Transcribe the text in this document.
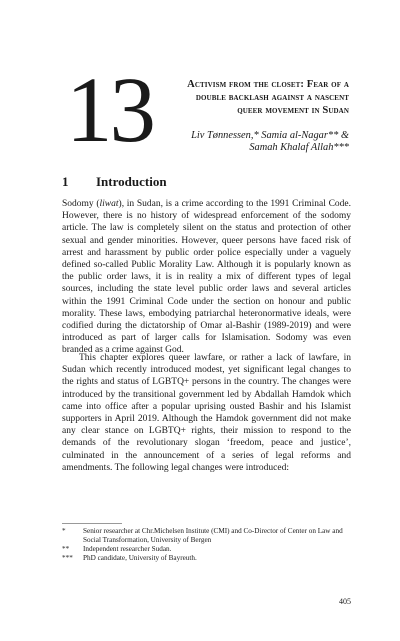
13	Activism from the closet: Fear of a double backlash against a nascent queer movement in Sudan
Liv Tønnessen,* Samia al-Nagar** &
Samah Khalaf Allah***
1 Introduction

Sodomy (liwat), in Sudan, is a crime according to the 1991 Criminal Code. However, there is no history of widespread enforcement of the sodomy article. The law is completely silent on the status and protection of other sexual and gender minorities. However, queer persons have faced risk of arrest and harassment by public order police especially under a vaguely defined so-called Public Morality Law. Although it is popularly known as the public order laws, it is in reality a mix of different types of legal sources, including the state level public order laws and several articles within the 1991 Criminal Code under the section on honour and public morality. These laws, embodying patriarchal heteronormative ideals, were codified during the dictatorship of Omar al-Bashir (1989-2019) and were introduced as part of larger calls for Islamisation. Sodomy was even branded as a crime against God.

This chapter explores queer lawfare, or rather a lack of lawfare, in Sudan which recently introduced modest, yet significant legal changes to the rights and status of LGBTQ+ persons in the country. The changes were introduced by the transitional government led by Abdallah Hamdok which came into office after a popular uprising ousted Bashir and his Islamist supporters in April 2019. Although the Hamdok government did not make any clear stance on LGBTQ+ rights, their mission to respond to the demands of the revolutionary slogan ‘freedom, peace and justice’, culminated in the announcement of a series of legal reforms and amendments. The following legal changes were introduced:

*	Senior researcher at Chr.Michelsen Institute (CMI) and Co-Director of Center on Law and Social Transformation, University of Bergen
**	Independent researcher Sudan.
***	PhD candidate, University of Bayreuth.
405
